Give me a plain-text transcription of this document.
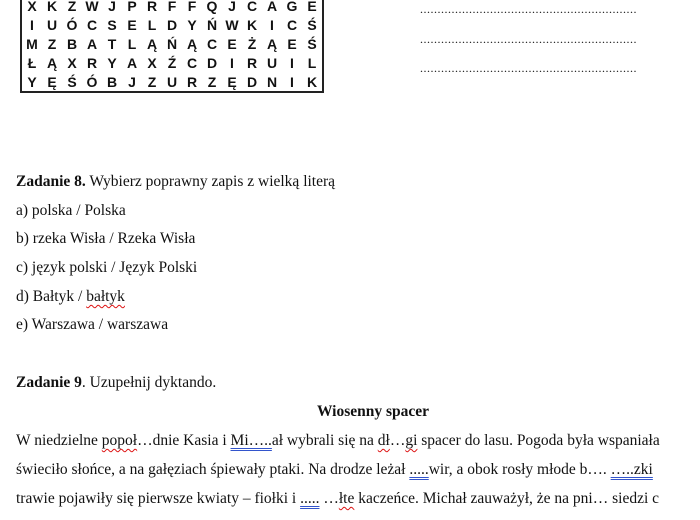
X	K	Z	W	J	P	R	F	F	Q	J	C	A	G	E
I	U	Ó	C	S	E	L	D	Y	Ń	W	K	I	C	Ś
M	Z	B	A	T	L	Ą	Ń	Ą	C	E	Ż	Ą	E	Ś
Ł	Ą	X	R	Y	A	X	Ź	C	D	I	R	U	I	L
Y	Ę	Ś	Ó	B	J	Z	U	R	Z	Ę	D	N	I	K
..............................................................
..............................................................
..............................................................
Zadanie 8. Wybierz poprawny zapis z wielką literą
a) polska / Polska
b) rzeka Wisła / Rzeka Wisła
c) język polski / Język Polski
d) Bałtyk / bałtyk
e) Warszawa / warszawa
Zadanie 9. Uzupełnij dyktando.
Wiosenny spacer
W niedzielne popoł…dnie Kasia i Mi…..ał wybrali się na dł…gi spacer do lasu. Pogoda była wspaniała
świeciło słońce, a na gałęziach śpiewały ptaki. Na drodze leżał .....wir, a obok rosły młode b…. …..zki
trawie pojawiły się pierwsze kwiaty – fiołki i ..... …łte kaczeńce. Michał zauważył, że na pni… siedzi c
